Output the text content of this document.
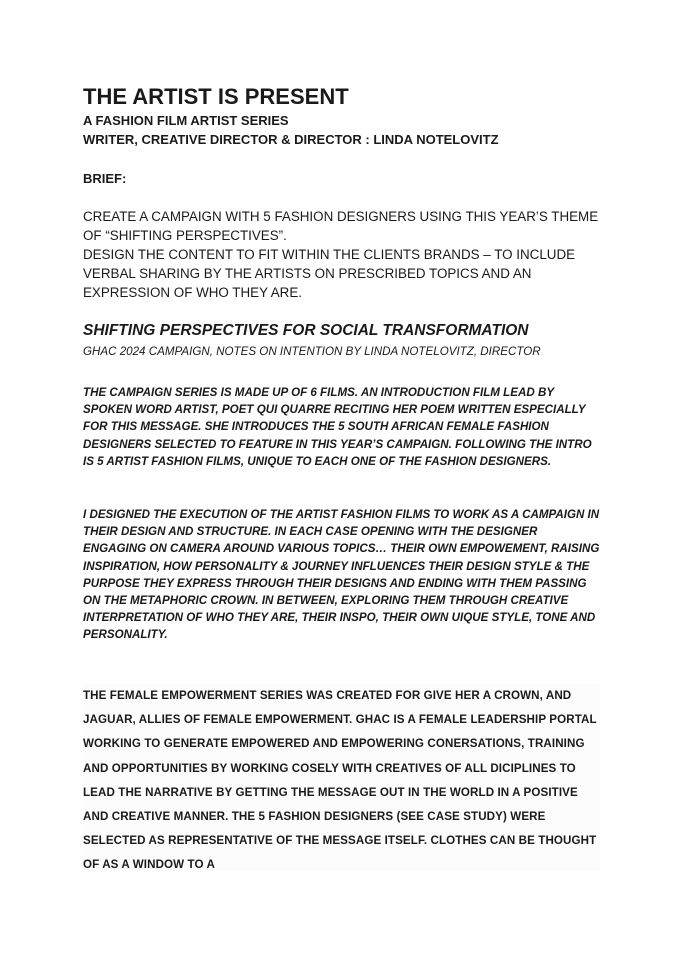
THE ARTIST IS PRESENT

A FASHION FILM ARTIST SERIES

WRITER, CREATIVE DIRECTOR & DIRECTOR : LINDA NOTELOVITZ

BRIEF:

CREATE A CAMPAIGN WITH 5 FASHION DESIGNERS USING THIS YEAR’S THEME OF “SHIFTING PERSPECTIVES”.

DESIGN THE CONTENT TO FIT WITHIN THE CLIENTS BRANDS – TO INCLUDE VERBAL SHARING BY THE ARTISTS ON PRESCRIBED TOPICS AND AN EXPRESSION OF WHO THEY ARE.

SHIFTING PERSPECTIVES FOR SOCIAL TRANSFORMATION

GHAC 2024 CAMPAIGN, NOTES ON INTENTION BY LINDA NOTELOVITZ, DIRECTOR

THE CAMPAIGN SERIES IS MADE UP OF 6 FILMS. AN INTRODUCTION FILM LEAD BY SPOKEN WORD ARTIST, POET QUI QUARRE RECITING HER POEM WRITTEN ESPECIALLY FOR THIS MESSAGE. SHE INTRODUCES THE 5 SOUTH AFRICAN FEMALE FASHION DESIGNERS SELECTED TO FEATURE IN THIS YEAR’S CAMPAIGN. FOLLOWING THE INTRO IS 5 ARTIST FASHION FILMS, UNIQUE TO EACH ONE OF THE FASHION DESIGNERS.

I DESIGNED THE EXECUTION OF THE ARTIST FASHION FILMS TO WORK AS A CAMPAIGN IN THEIR DESIGN AND STRUCTURE. IN EACH CASE OPENING WITH THE DESIGNER ENGAGING ON CAMERA AROUND VARIOUS TOPICS… THEIR OWN EMPOWEMENT, RAISING INSPIRATION, HOW PERSONALITY & JOURNEY INFLUENCES THEIR DESIGN STYLE & THE PURPOSE THEY EXPRESS THROUGH THEIR DESIGNS AND ENDING WITH THEM PASSING ON THE METAPHORIC CROWN. IN BETWEEN, EXPLORING THEM THROUGH CREATIVE INTERPRETATION OF WHO THEY ARE, THEIR INSPO, THEIR OWN UIQUE STYLE, TONE AND PERSONALITY.

THE FEMALE EMPOWERMENT SERIES WAS CREATED FOR GIVE HER A CROWN, AND JAGUAR, ALLIES OF FEMALE EMPOWERMENT. GHAC IS A FEMALE LEADERSHIP PORTAL WORKING TO GENERATE EMPOWERED AND EMPOWERING CONERSATIONS, TRAINING AND OPPORTUNITIES BY WORKING COSELY WITH CREATIVES OF ALL DICIPLINES TO LEAD THE NARRATIVE BY GETTING THE MESSAGE OUT IN THE WORLD IN A POSITIVE AND CREATIVE MANNER. THE 5 FASHION DESIGNERS (SEE CASE STUDY) WERE SELECTED AS REPRESENTATIVE OF THE MESSAGE ITSELF. CLOTHES CAN BE THOUGHT OF AS A WINDOW TO A
